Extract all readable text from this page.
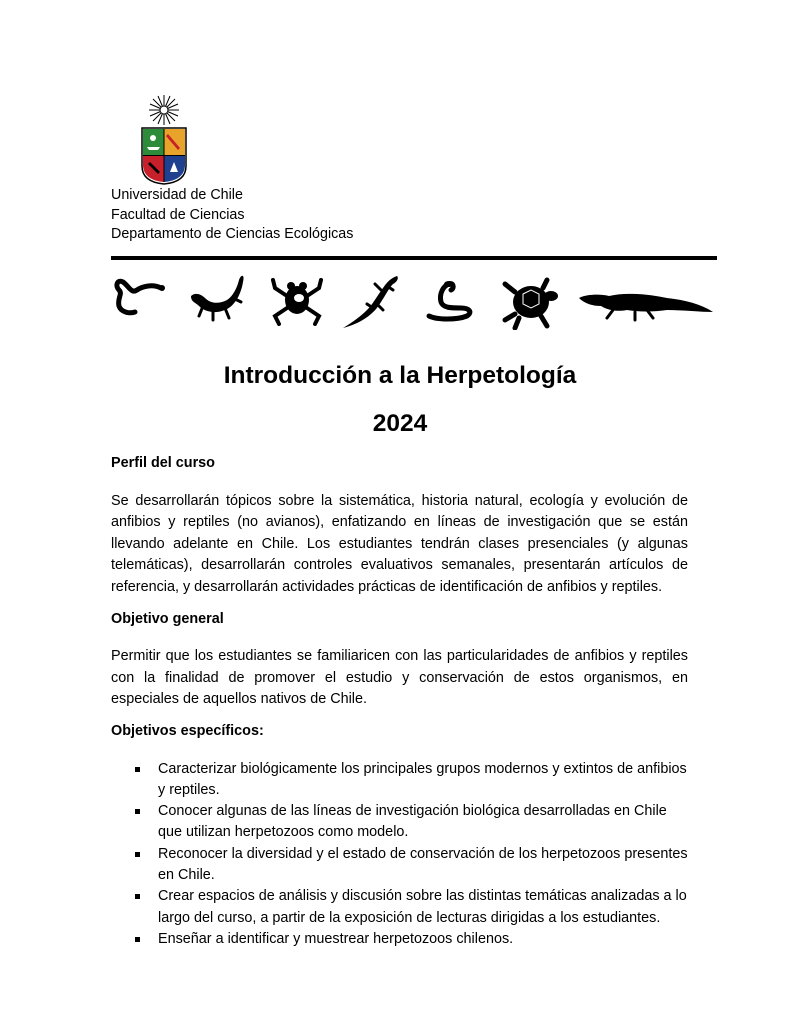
Universidad de Chile
Facultad de Ciencias
Departamento de Ciencias Ecológicas
Introducción a la Herpetología
2024
Perfil del curso
Se desarrollarán tópicos sobre la sistemática, historia natural, ecología y evolución de anfibios y reptiles (no avianos), enfatizando en líneas de investigación que se están llevando adelante en Chile. Los estudiantes tendrán clases presenciales (y algunas telemáticas), desarrollarán controles evaluativos semanales, presentarán artículos de referencia, y desarrollarán actividades prácticas de identificación de anfibios y reptiles.
Objetivo general
Permitir que los estudiantes se familiaricen con las particularidades de anfibios y reptiles con la finalidad de promover el estudio y conservación de estos organismos, en especiales de aquellos nativos de Chile.
Objetivos específicos:
Caracterizar biológicamente los principales grupos modernos y extintos de anfibios y reptiles.
Conocer algunas de las líneas de investigación biológica desarrolladas en Chile que utilizan herpetozoos como modelo.
Reconocer la diversidad y el estado de conservación de los herpetozoos presentes en Chile.
Crear espacios de análisis y discusión sobre las distintas temáticas analizadas a lo largo del curso, a partir de la exposición de lecturas dirigidas a los estudiantes.
Enseñar a identificar y muestrear herpetozoos chilenos.
